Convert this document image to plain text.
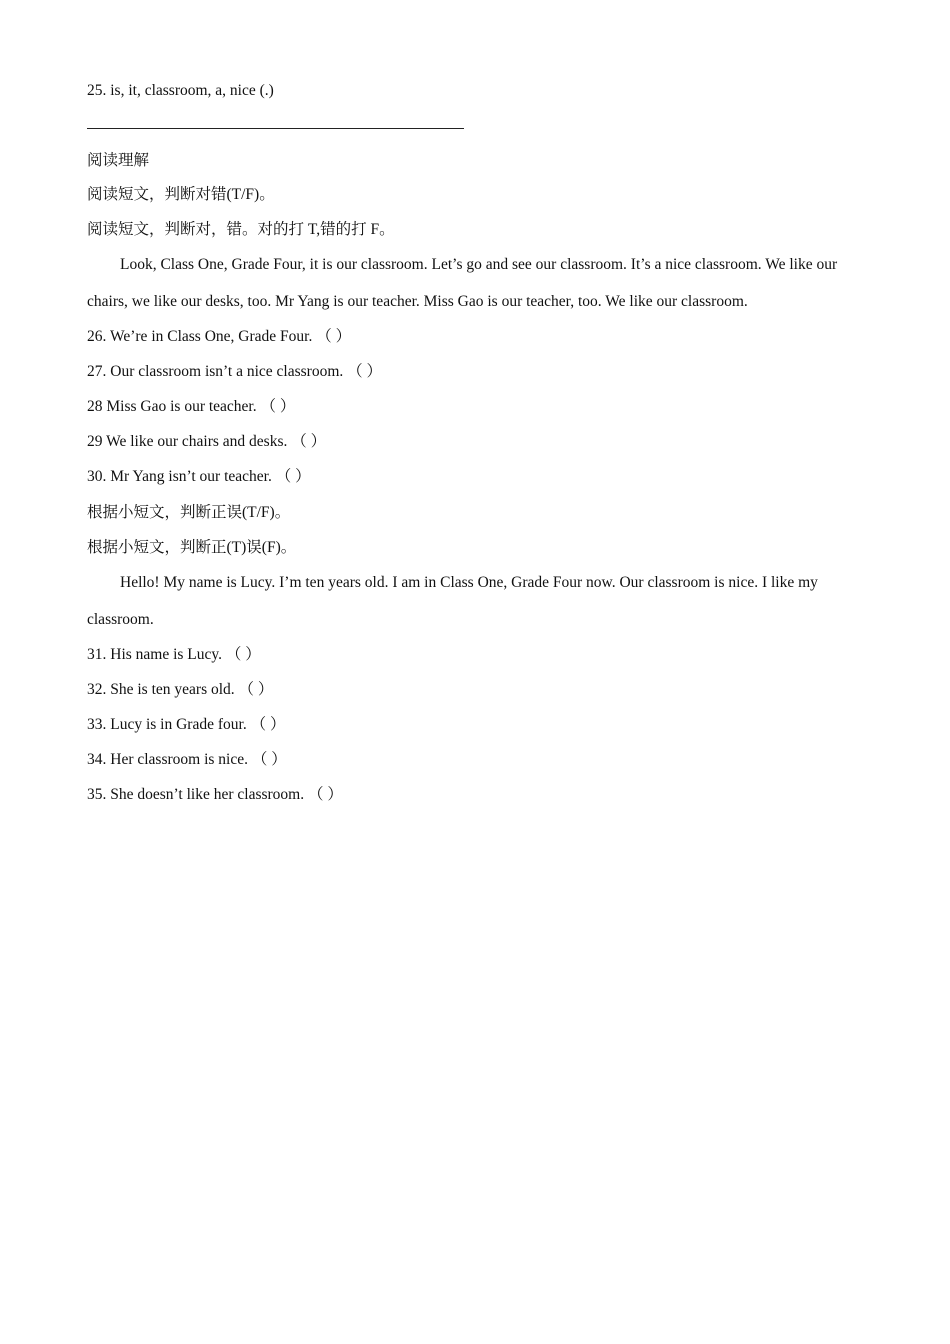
25. is, it, classroom, a, nice (.)
阅读理解
阅读短文，判断对错(T/F)。
阅读短文，判断对，错。对的打 T,错的打 F。
Look, Class One, Grade Four, it is our classroom. Let’s go and see our classroom. It’s a nice classroom. We like our chairs, we like our desks, too. Mr Yang is our teacher. Miss Gao is our teacher, too. We like our classroom.
26. We’re in Class One, Grade Four. （ ）
27. Our classroom isn’t a nice classroom. （ ）
28 Miss Gao is our teacher. （ ）
29 We like our chairs and desks. （ ）
30. Mr Yang isn’t our teacher. （ ）
根据小短文，判断正误(T/F)。
根据小短文，判断正(T)误(F)。
Hello! My name is Lucy. I’m ten years old. I am in Class One, Grade Four now. Our classroom is nice. I like my classroom.
31. His name is Lucy. （ ）
32. She is ten years old. （ ）
33. Lucy is in Grade four. （ ）
34. Her classroom is nice. （ ）
35. She doesn’t like her classroom. （ ）
